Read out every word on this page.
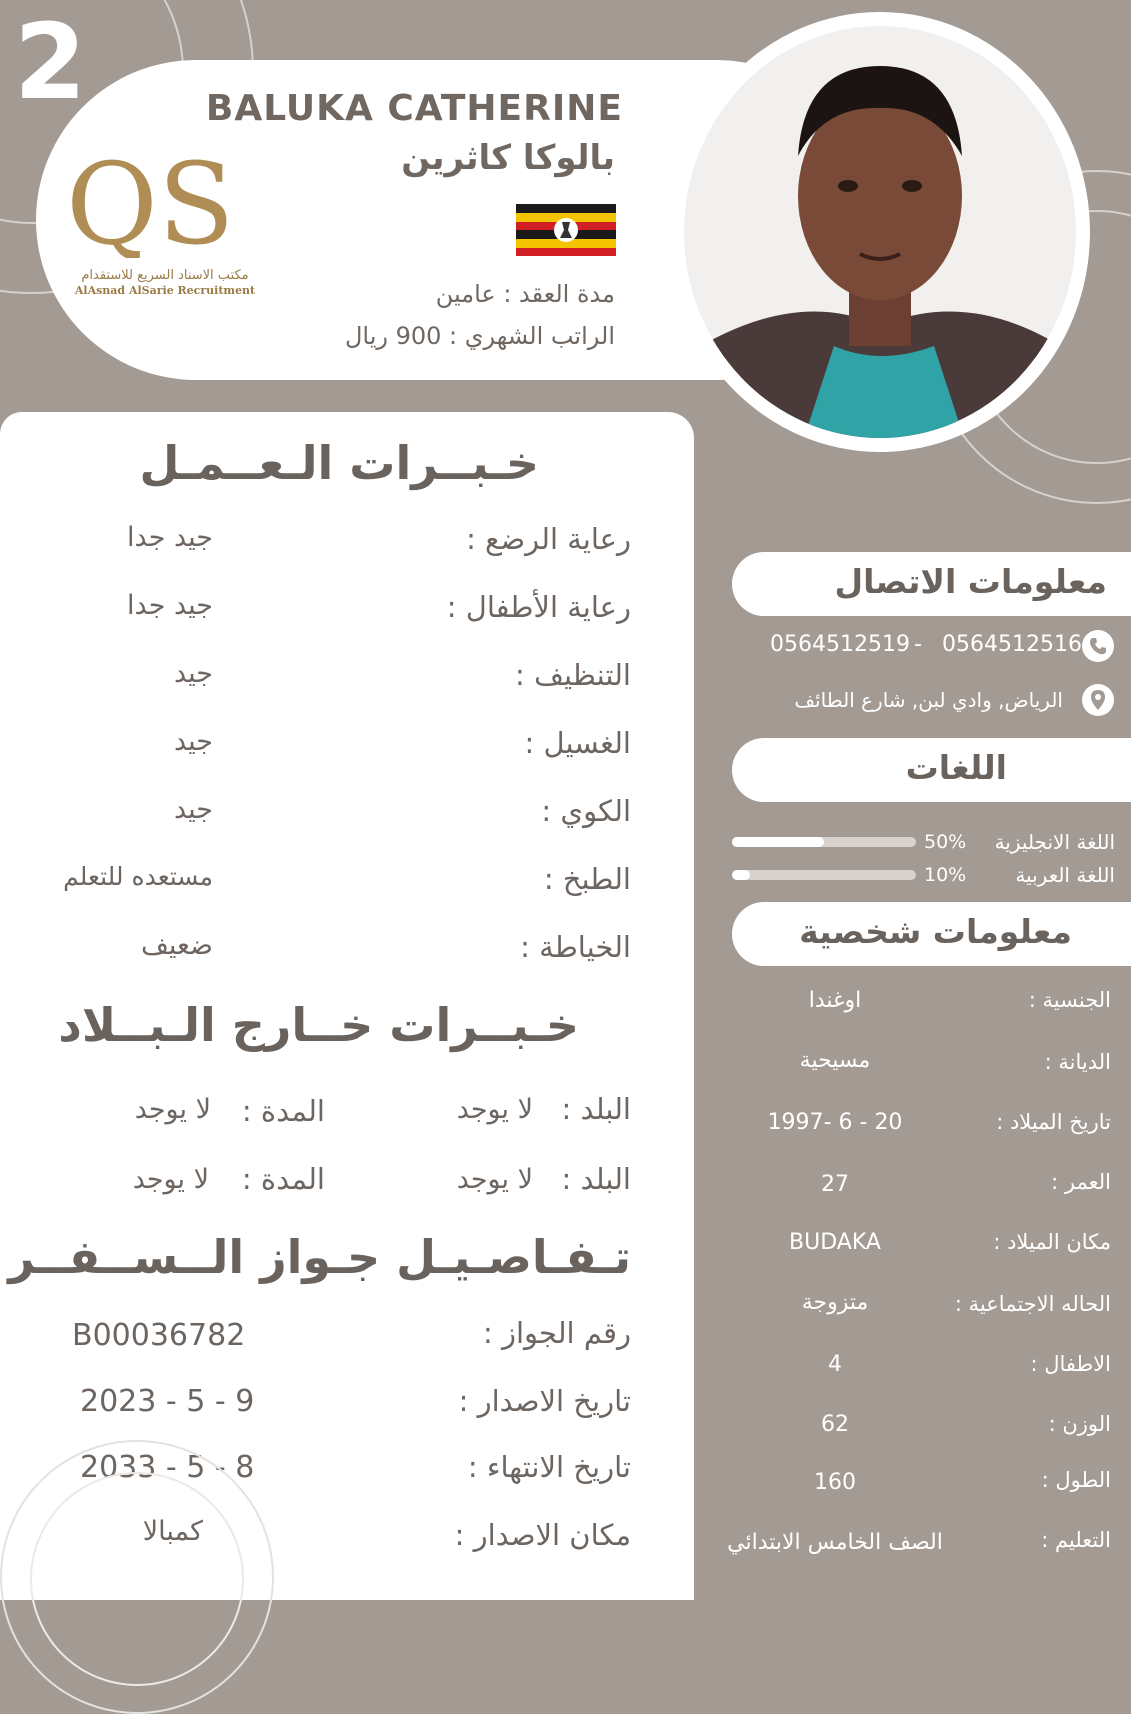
2
QS
مكتب الاسناد السريع للاستقدام
AlAsnad AlSarie Recruitment
BALUKA CATHERINE
بالوكا كاثرين
مدة العقد : عامين
الراتب الشهري : 900 ريال
خـبــرات الـعــمـل
رعاية الرضع :
جيد جدا
رعاية الأطفال :
جيد جدا
التنظيف :
جيد
الغسيل :
جيد
الكوي :
جيد
الطبخ :
مستعده للتعلم
الخياطة :
ضعيف
خـبــرات خــارج الـبــلاد
البلد :
لا يوجد
المدة :
لا يوجد
البلد :
لا يوجد
المدة :
لا يوجد
تـفـاصـيـل جـواز الــســفــر
رقم الجواز :
B00036782
تاريخ الاصدار :
9 - 5 - 2023
تاريخ الانتهاء :
8 - 5 - 2033
مكان الاصدار :
كمبالا
معلومات الاتصال
0564512516
-
0564512519
الرياض, وادي لبن, شارع الطائف
اللغات
اللغة الانجليزية
50%
اللغة العربية
10%
معلومات شخصية
الجنسية :
اوغندا
الديانة :
مسيحية
تاريخ الميلاد :
20 - 6 -1997
العمر :
27
مكان الميلاد :
BUDAKA
الحاله الاجتماعية :
متزوجة
الاطفال :
4
الوزن :
62
الطول :
160
التعليم :
الصف الخامس الابتدائي
